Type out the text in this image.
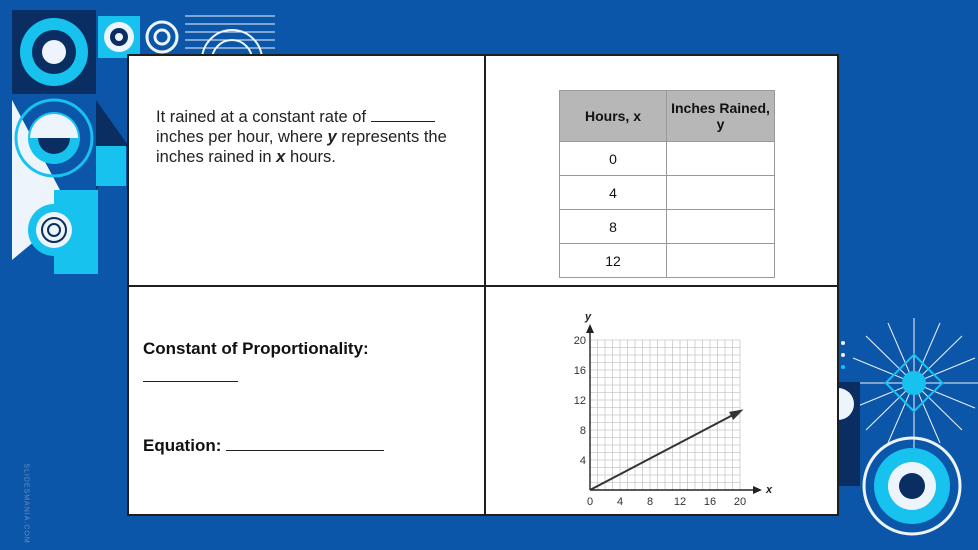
SLIDESMANIA.COM
It rained at a constant rate of  inches per hour, where y represents the inches rained in x hours.
Hours, x	Inches Rained, y
0	
4	
8	
12	
Constant of Proportionality:
Equation:
x
y
0 4 8 12 16 20
4
8
12
16
20
